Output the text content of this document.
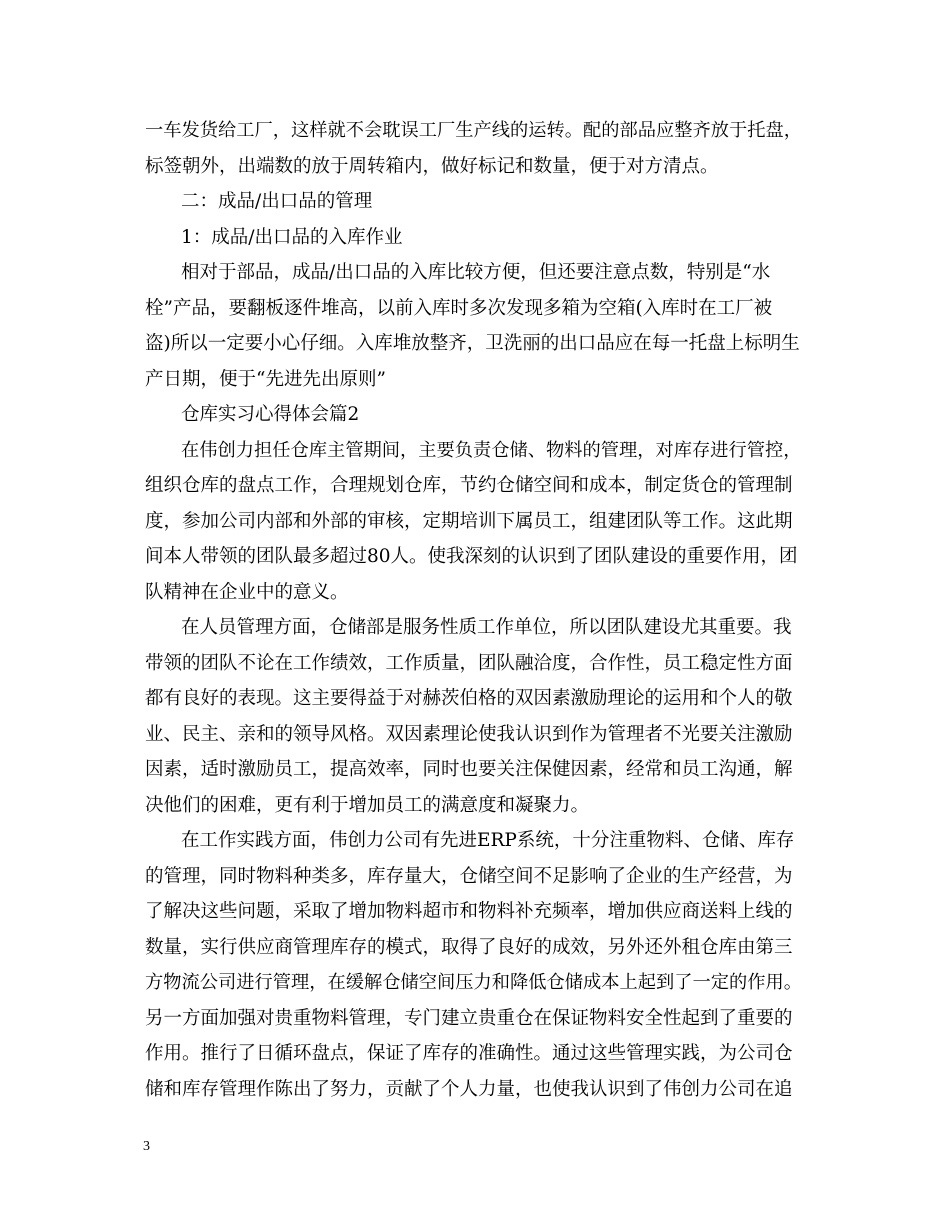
一车发货给工厂，这样就不会耽误工厂生产线的运转。配的部品应整齐放于托盘，
标签朝外，出端数的放于周转箱内，做好标记和数量，便于对方清点。
二：成品/出口品的管理
1：成品/出口品的入库作业
相对于部品，成品/出口品的入库比较方便，但还要注意点数，特别是“水
栓”产品，要翻板逐件堆高，以前入库时多次发现多箱为空箱(入库时在工厂被
盗)所以一定要小心仔细。入库堆放整齐，卫洗丽的出口品应在每一托盘上标明生
产日期，便于“先进先出原则”
仓库实习心得体会篇2
在伟创力担任仓库主管期间，主要负责仓储、物料的管理，对库存进行管控，
组织仓库的盘点工作，合理规划仓库，节约仓储空间和成本，制定货仓的管理制
度，参加公司内部和外部的审核，定期培训下属员工，组建团队等工作。这此期
间本人带领的团队最多超过80人。使我深刻的认识到了团队建设的重要作用，团
队精神在企业中的意义。
在人员管理方面，仓储部是服务性质工作单位，所以团队建设尤其重要。我
带领的团队不论在工作绩效，工作质量，团队融洽度，合作性，员工稳定性方面
都有良好的表现。这主要得益于对赫茨伯格的双因素激励理论的运用和个人的敬
业、民主、亲和的领导风格。双因素理论使我认识到作为管理者不光要关注激励
因素，适时激励员工，提高效率，同时也要关注保健因素，经常和员工沟通，解
决他们的困难，更有利于增加员工的满意度和凝聚力。
在工作实践方面，伟创力公司有先进ERP系统，十分注重物料、仓储、库存
的管理，同时物料种类多，库存量大，仓储空间不足影响了企业的生产经营，为
了解决这些问题，采取了增加物料超市和物料补充频率，增加供应商送料上线的
数量，实行供应商管理库存的模式，取得了良好的成效，另外还外租仓库由第三
方物流公司进行管理，在缓解仓储空间压力和降低仓储成本上起到了一定的作用。
另一方面加强对贵重物料管理，专门建立贵重仓在保证物料安全性起到了重要的
作用。推行了日循环盘点，保证了库存的准确性。通过这些管理实践，为公司仓
储和库存管理作陈出了努力，贡献了个人力量，也使我认识到了伟创力公司在追
3
